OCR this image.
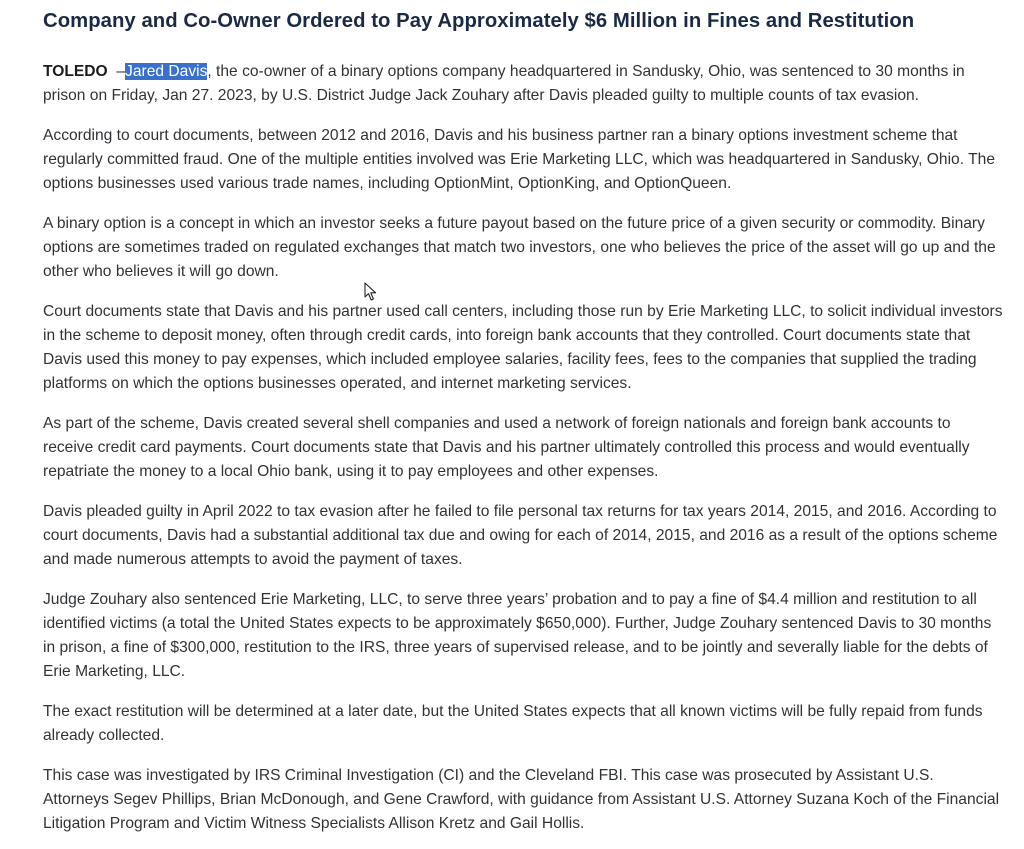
Company and Co-Owner Ordered to Pay Approximately $6 Million in Fines and Restitution

TOLEDO  –Jared Davis, the co-owner of a binary options company headquartered in Sandusky, Ohio, was sentenced to 30 months in prison on Friday, Jan 27. 2023, by U.S. District Judge Jack Zouhary after Davis pleaded guilty to multiple counts of tax evasion.

According to court documents, between 2012 and 2016, Davis and his business partner ran a binary options investment scheme that regularly committed fraud. One of the multiple entities involved was Erie Marketing LLC, which was headquartered in Sandusky, Ohio. The options businesses used various trade names, including OptionMint, OptionKing, and OptionQueen.

A binary option is a concept in which an investor seeks a future payout based on the future price of a given security or commodity. Binary options are sometimes traded on regulated exchanges that match two investors, one who believes the price of the asset will go up and the other who believes it will go down.

Court documents state that Davis and his partner used call centers, including those run by Erie Marketing LLC, to solicit individual investors in the scheme to deposit money, often through credit cards, into foreign bank accounts that they controlled. Court documents state that Davis used this money to pay expenses, which included employee salaries, facility fees, fees to the companies that supplied the trading platforms on which the options businesses operated, and internet marketing services.

As part of the scheme, Davis created several shell companies and used a network of foreign nationals and foreign bank accounts to receive credit card payments. Court documents state that Davis and his partner ultimately controlled this process and would eventually repatriate the money to a local Ohio bank, using it to pay employees and other expenses.

Davis pleaded guilty in April 2022 to tax evasion after he failed to file personal tax returns for tax years 2014, 2015, and 2016. According to court documents, Davis had a substantial additional tax due and owing for each of 2014, 2015, and 2016 as a result of the options scheme and made numerous attempts to avoid the payment of taxes.

Judge Zouhary also sentenced Erie Marketing, LLC, to serve three years’ probation and to pay a fine of $4.4 million and restitution to all identified victims (a total the United States expects to be approximately $650,000). Further, Judge Zouhary sentenced Davis to 30 months in prison, a fine of $300,000, restitution to the IRS, three years of supervised release, and to be jointly and severally liable for the debts of Erie Marketing, LLC.

The exact restitution will be determined at a later date, but the United States expects that all known victims will be fully repaid from funds already collected.

This case was investigated by IRS Criminal Investigation (CI) and the Cleveland FBI. This case was prosecuted by Assistant U.S. Attorneys Segev Phillips, Brian McDonough, and Gene Crawford, with guidance from Assistant U.S. Attorney Suzana Koch of the Financial Litigation Program and Victim Witness Specialists Allison Kretz and Gail Hollis.
